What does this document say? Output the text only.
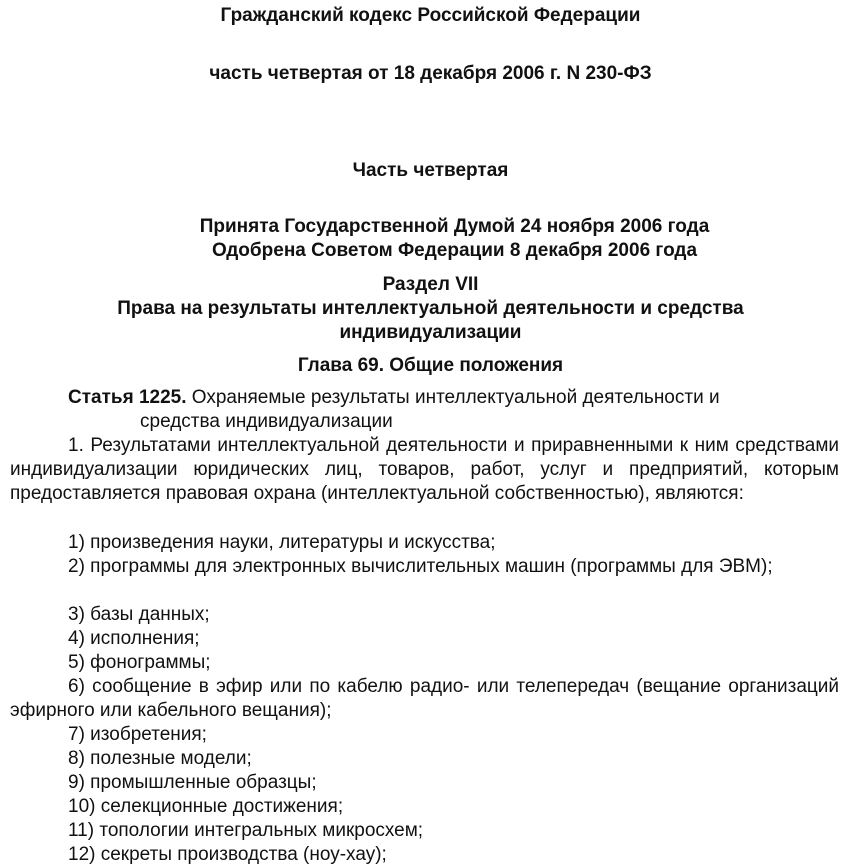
Гражданский кодекс Российской Федерации
часть четвертая от 18 декабря 2006 г. N 230-ФЗ
Часть четвертая
Принята Государственной Думой 24 ноября 2006 года
Одобрена Советом Федерации 8 декабря 2006 года
Раздел VII
Права на результаты интеллектуальной деятельности и средства
индивидуализации
Глава 69. Общие положения
Статья 1225. Охраняемые результаты интеллектуальной деятельности и
средства индивидуализации
1. Результатами интеллектуальной деятельности и приравненными к ним средствами индивидуализации юридических лиц, товаров, работ, услуг и предприятий, которым предоставляется правовая охрана (интеллектуальной собственностью), являются:
1) произведения науки, литературы и искусства;
2) программы для электронных вычислительных машин (программы для ЭВМ);
3) базы данных;
4) исполнения;
5) фонограммы;
6) сообщение в эфир или по кабелю радио- или телепередач (вещание организаций эфирного или кабельного вещания);
7) изобретения;
8) полезные модели;
9) промышленные образцы;
10) селекционные достижения;
11) топологии интегральных микросхем;
12) секреты производства (ноу-хау);
